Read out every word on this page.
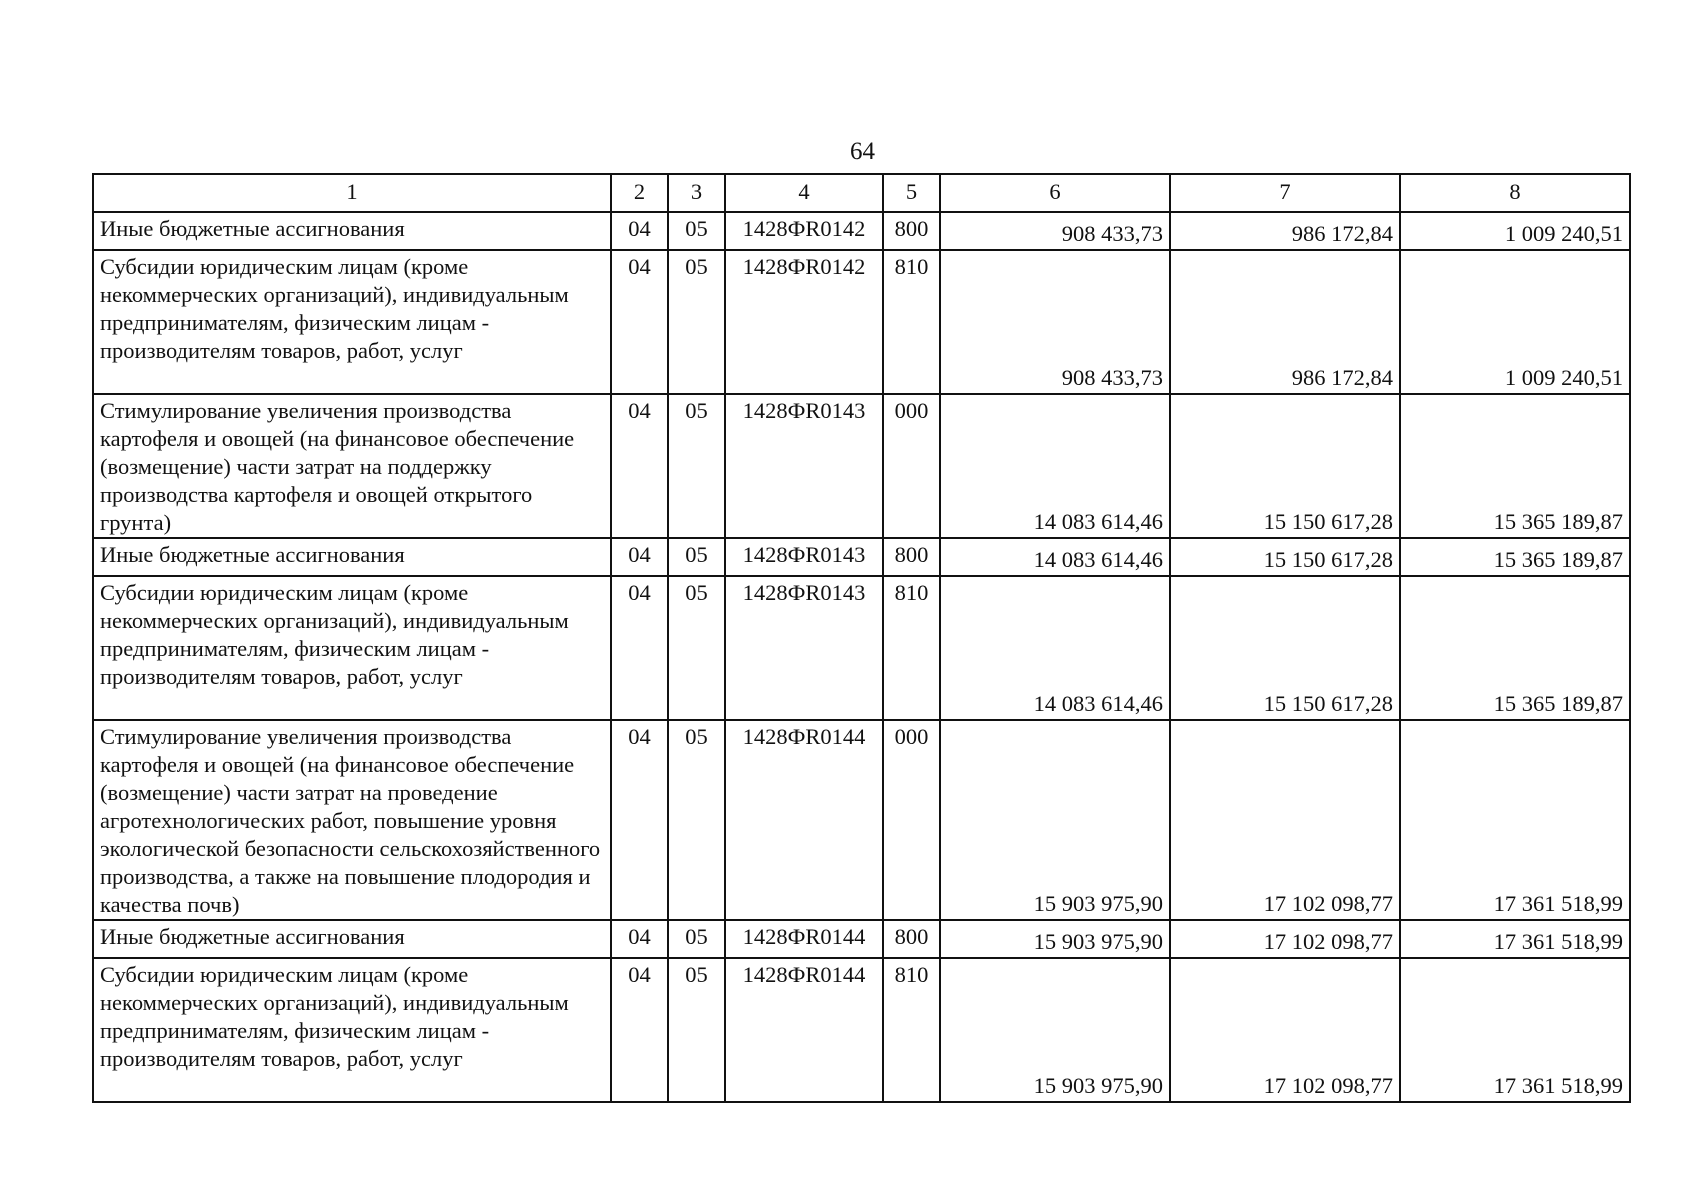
64
1	2	3	4	5	6	7	8
Иные бюджетные ассигнования	04	05	1428ФR0142	800	908 433,73	986 172,84	1 009 240,51
Субсидии юридическим лицам (кроме некоммерческих организаций), индивидуальным предпринимателям, физическим лицам - производителям товаров, работ, услуг	04	05	1428ФR0142	810	908 433,73	986 172,84	1 009 240,51
Стимулирование увеличения производства картофеля и овощей (на финансовое обеспечение (возмещение) части затрат на поддержку производства картофеля и овощей открытого грунта)	04	05	1428ФR0143	000	14 083 614,46	15 150 617,28	15 365 189,87
Иные бюджетные ассигнования	04	05	1428ФR0143	800	14 083 614,46	15 150 617,28	15 365 189,87
Субсидии юридическим лицам (кроме некоммерческих организаций), индивидуальным предпринимателям, физическим лицам - производителям товаров, работ, услуг	04	05	1428ФR0143	810	14 083 614,46	15 150 617,28	15 365 189,87
Стимулирование увеличения производства картофеля и овощей (на финансовое обеспечение (возмещение) части затрат на проведение агротехнологических работ, повышение уровня экологической безопасности сельскохозяйственного производства, а также на повышение плодородия и качества почв)	04	05	1428ФR0144	000	15 903 975,90	17 102 098,77	17 361 518,99
Иные бюджетные ассигнования	04	05	1428ФR0144	800	15 903 975,90	17 102 098,77	17 361 518,99
Субсидии юридическим лицам (кроме некоммерческих организаций), индивидуальным предпринимателям, физическим лицам - производителям товаров, работ, услуг	04	05	1428ФR0144	810	15 903 975,90	17 102 098,77	17 361 518,99
